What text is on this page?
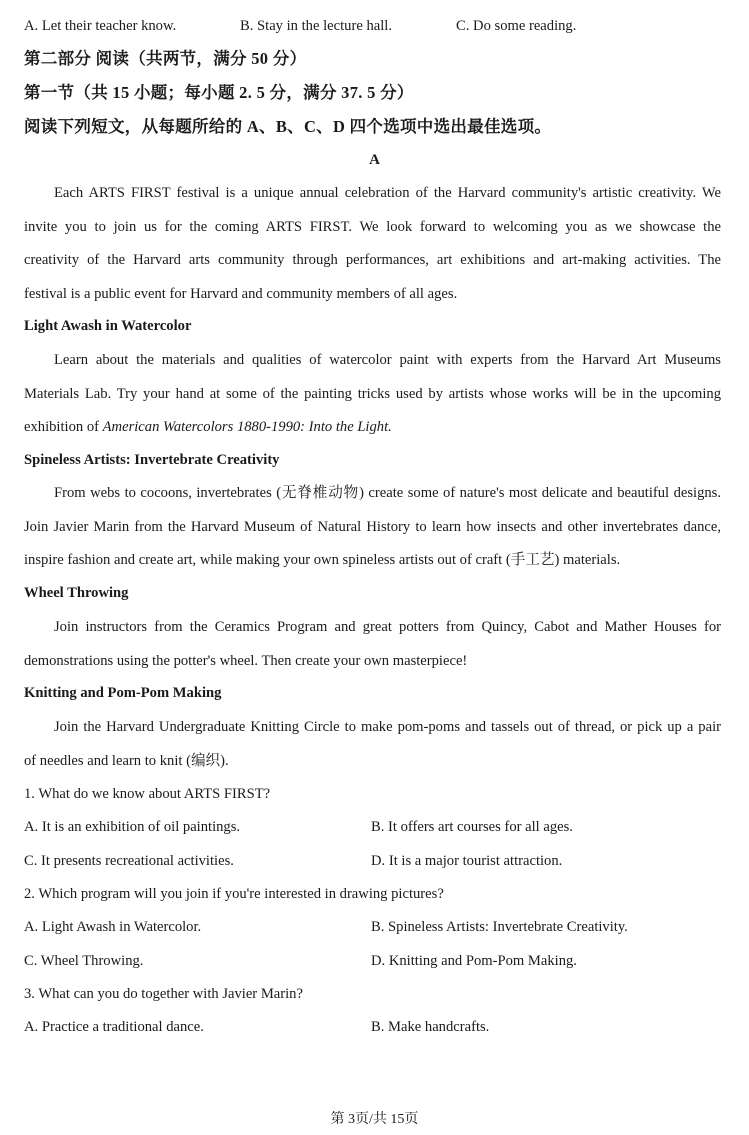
A. Let their teacher know.	B. Stay in the lecture hall.	C. Do some reading.
第二部分 阅读（共两节，满分 50 分）
第一节（共 15 小题；每小题 2. 5 分，满分 37. 5 分）
阅读下列短文，从每题所给的 A、B、C、D 四个选项中选出最佳选项。
A
Each ARTS FIRST festival is a unique annual celebration of the Harvard community's artistic creativity. We
invite you to join us for the coming ARTS FIRST. We look forward to welcoming you as we showcase the
creativity of the Harvard arts community through performances, art exhibitions and art-making activities. The
festival is a public event for Harvard and community members of all ages.
Light Awash in Watercolor
Learn about the materials and qualities of watercolor paint with experts from the Harvard Art Museums
Materials Lab. Try your hand at some of the painting tricks used by artists whose works will be in the upcoming
exhibition of American Watercolors 1880-1990: Into the Light.
Spineless Artists: Invertebrate Creativity
From webs to cocoons, invertebrates (无脊椎动物) create some of nature's most delicate and beautiful designs.
Join Javier Marin from the Harvard Museum of Natural History to learn how insects and other invertebrates dance,
inspire fashion and create art, while making your own spineless artists out of craft (手工艺) materials.
Wheel Throwing
Join instructors from the Ceramics Program and great potters from Quincy, Cabot and Mather Houses for
demonstrations using the potter's wheel. Then create your own masterpiece!
Knitting and Pom-Pom Making
Join the Harvard Undergraduate Knitting Circle to make pom-poms and tassels out of thread, or pick up a pair
of needles and learn to knit (编织).
1. What do we know about ARTS FIRST?
A. It is an exhibition of oil paintings.	B. It offers art courses for all ages.
C. It presents recreational activities.	D. It is a major tourist attraction.
2. Which program will you join if you're interested in drawing pictures?
A. Light Awash in Watercolor.	B. Spineless Artists: Invertebrate Creativity.
C. Wheel Throwing.	D. Knitting and Pom-Pom Making.
3. What can you do together with Javier Marin?
A. Practice a traditional dance.	B. Make handcrafts.
第 3页/共 15页
